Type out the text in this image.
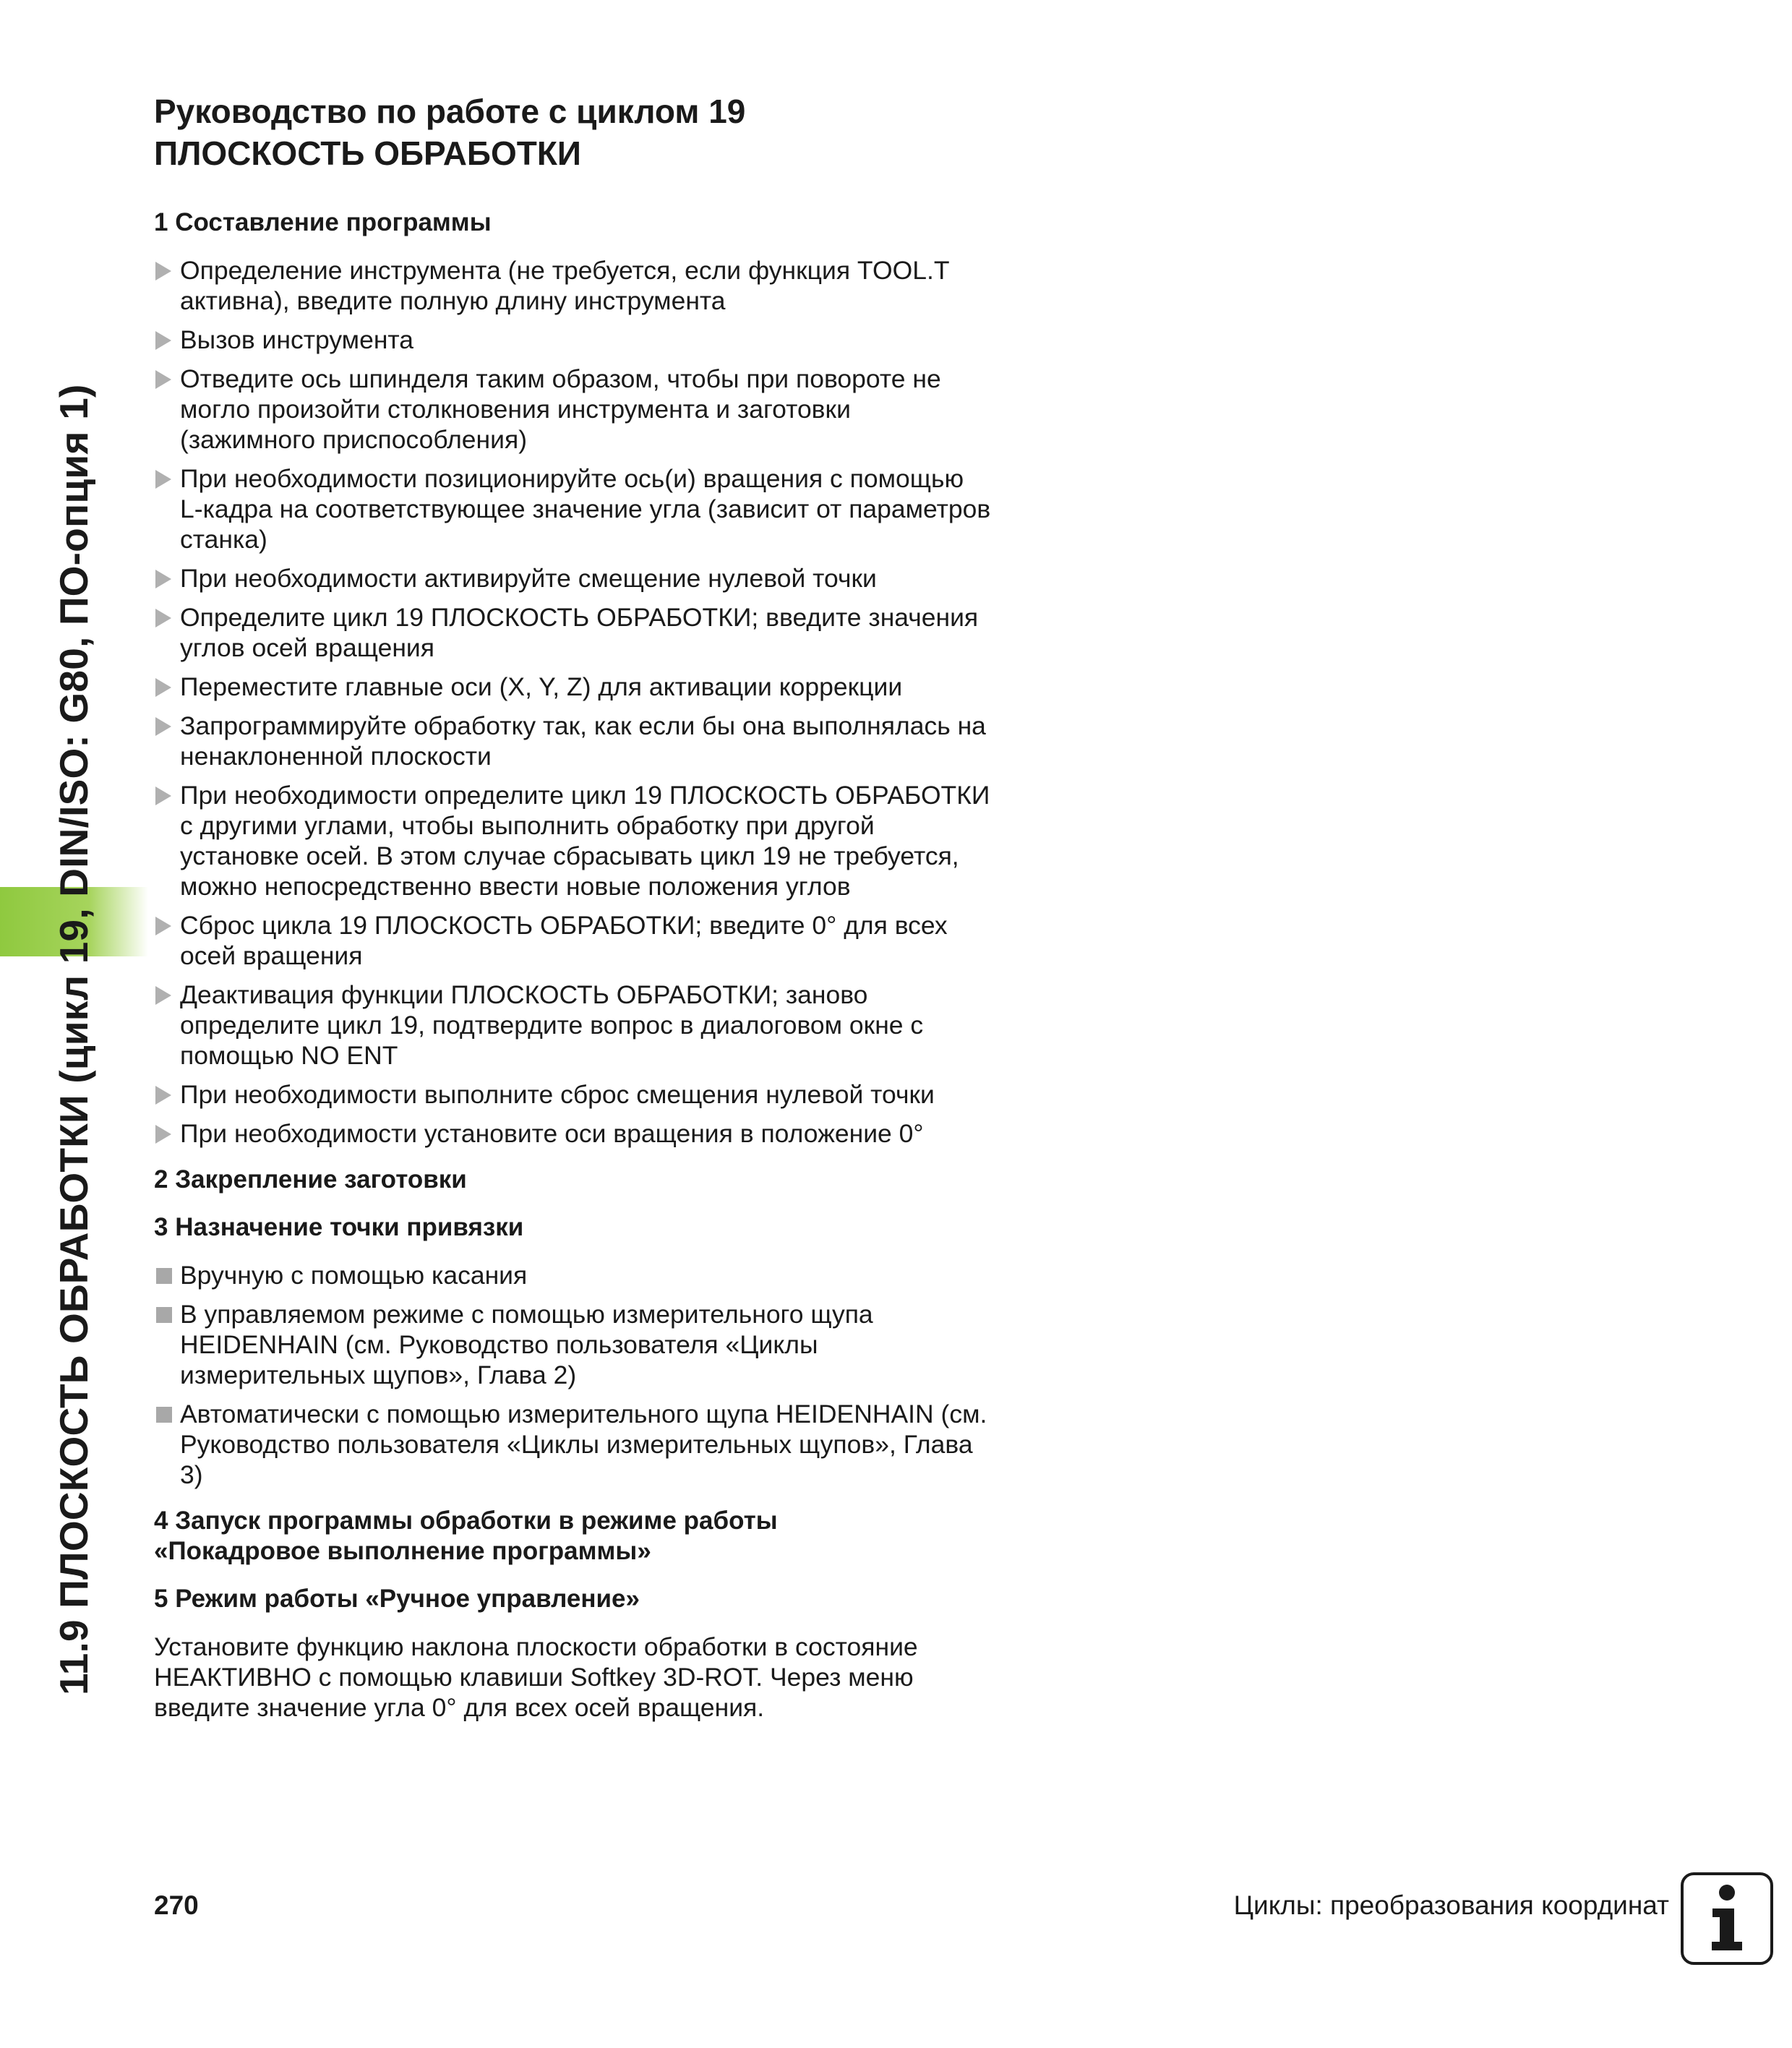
11.9 ПЛОСКОСТЬ ОБРАБОТКИ (цикл 19, DIN/ISO: G80, ПО-опция 1)
Руководство по работе с циклом 19
ПЛОСКОСТЬ ОБРАБОТКИ
1 Составление программы
Определение инструмента (не требуется, если функция TOOL.T активна), введите полную длину инструмента
Вызов инструмента
Отведите ось шпинделя таким образом, чтобы при повороте не могло произойти столкновения инструмента и заготовки (зажимного приспособления)
При необходимости позиционируйте ось(и) вращения с помощью L-кадра на соответствующее значение угла (зависит от параметров станка)
При необходимости активируйте смещение нулевой точки
Определите цикл 19 ПЛОСКОСТЬ ОБРАБОТКИ; введите значения углов осей вращения
Переместите главные оси (X, Y, Z) для активации коррекции
Запрограммируйте обработку так, как если бы она выполнялась на ненаклоненной плоскости
При необходимости определите цикл 19 ПЛОСКОСТЬ ОБРАБОТКИ с другими углами, чтобы выполнить обработку при другой установке осей. В этом случае сбрасывать цикл 19 не требуется, можно непосредственно ввести новые положения углов
Сброс цикла 19 ПЛОСКОСТЬ ОБРАБОТКИ; введите 0° для всех осей вращения
Деактивация функции ПЛОСКОСТЬ ОБРАБОТКИ; заново определите цикл 19, подтвердите вопрос в диалоговом окне с помощью NO ENT
При необходимости выполните сброс смещения нулевой точки
При необходимости установите оси вращения в положение 0°
2 Закрепление заготовки
3 Назначение точки привязки
Вручную с помощью касания
В управляемом режиме с помощью измерительного щупа HEIDENHAIN (см. Руководство пользователя «Циклы измерительных щупов», Глава 2)
Автоматически с помощью измерительного щупа HEIDENHAIN (см. Руководство пользователя «Циклы измерительных щупов», Глава 3)
4 Запуск программы обработки в режиме работы
«Покадровое выполнение программы»
5 Режим работы «Ручное управление»

Установите функцию наклона плоскости обработки в состояние НЕАКТИВНО с помощью клавиши Softkey 3D-ROT. Через меню введите значение угла 0° для всех осей вращения.

270	Циклы: преобразования координат
